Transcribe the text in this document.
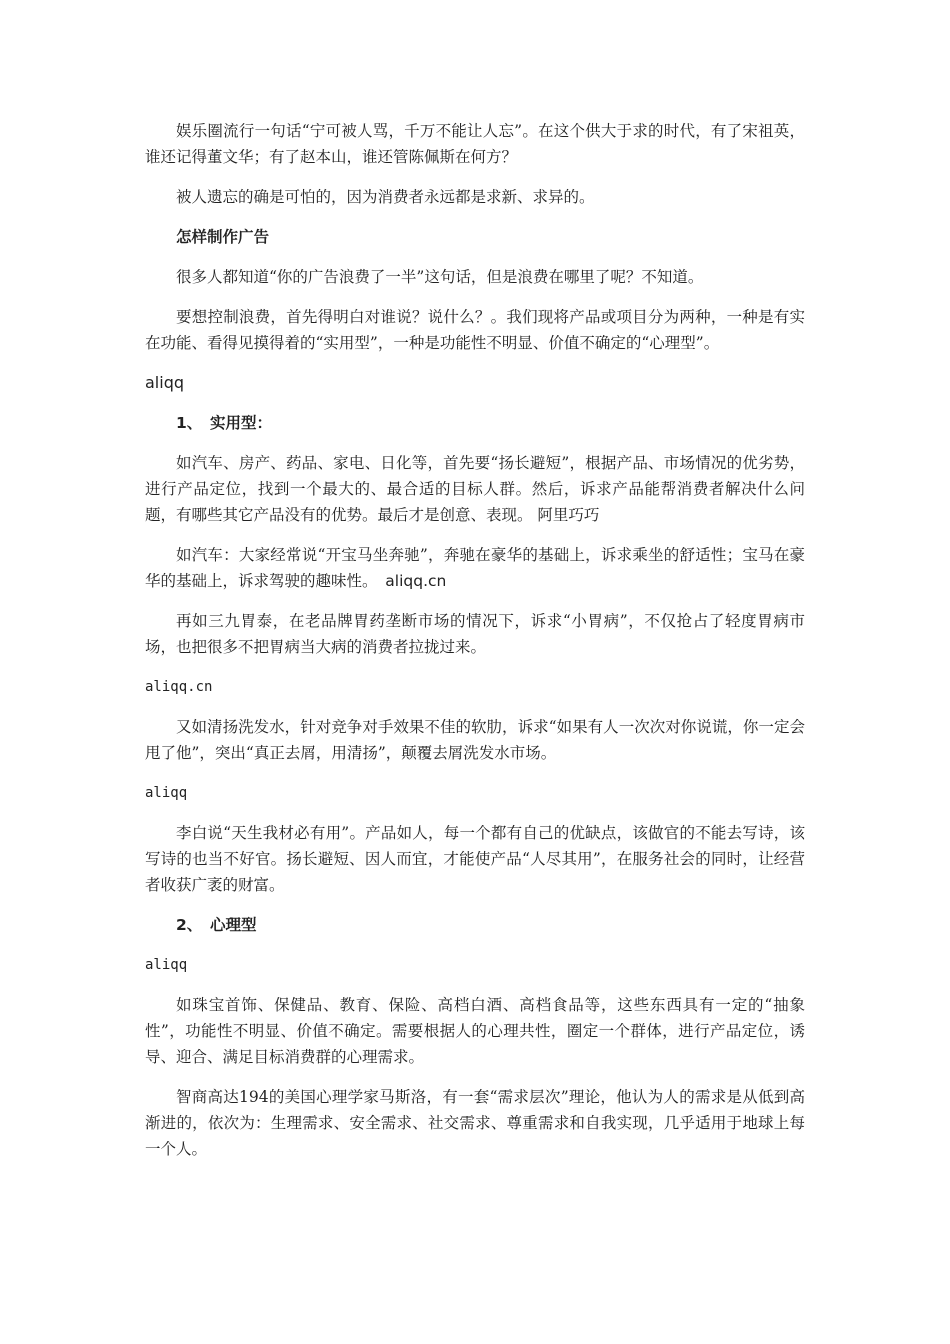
娱乐圈流行一句话“宁可被人骂，千万不能让人忘”。在这个供大于求的时代，有了宋祖英，谁还记得董文华；有了赵本山，谁还管陈佩斯在何方？

被人遗忘的确是可怕的，因为消费者永远都是求新、求异的。

怎样制作广告

很多人都知道“你的广告浪费了一半”这句话，但是浪费在哪里了呢？不知道。

要想控制浪费，首先得明白对谁说？说什么？。我们现将产品或项目分为两种，一种是有实在功能、看得见摸得着的“实用型”，一种是功能性不明显、价值不确定的“心理型”。

aliqq

1、　实用型：

如汽车、房产、药品、家电、日化等，首先要“扬长避短”，根据产品、市场情况的优劣势，进行产品定位，找到一个最大的、最合适的目标人群。然后，诉求产品能帮消费者解决什么问题，有哪些其它产品没有的优势。最后才是创意、表现。 阿里巧巧

如汽车：大家经常说“开宝马坐奔驰”，奔驰在豪华的基础上，诉求乘坐的舒适性；宝马在豪华的基础上，诉求驾驶的趣味性。　 aliqq.cn

再如三九胃泰，在老品牌胃药垄断市场的情况下，诉求“小胃病”，不仅抢占了轻度胃病市场，也把很多不把胃病当大病的消费者拉拢过来。

aliqq.cn

又如清扬洗发水，针对竞争对手效果不佳的软肋，诉求“如果有人一次次对你说谎，你一定会甩了他”，突出“真正去屑，用清扬”，颠覆去屑洗发水市场。

aliqq

李白说“天生我材必有用”。产品如人，每一个都有自己的优缺点，该做官的不能去写诗，该写诗的也当不好官。扬长避短、因人而宜，才能使产品“人尽其用”，在服务社会的同时，让经营者收获广袤的财富。

2、　心理型

aliqq

如珠宝首饰、保健品、教育、保险、高档白酒、高档食品等，这些东西具有一定的“抽象性”，功能性不明显、价值不确定。需要根据人的心理共性，圈定一个群体，进行产品定位，诱导、迎合、满足目标消费群的心理需求。

智商高达194的美国心理学家马斯洛，有一套“需求层次”理论，他认为人的需求是从低到高渐进的，依次为：生理需求、安全需求、社交需求、尊重需求和自我实现，几乎适用于地球上每一个人。
